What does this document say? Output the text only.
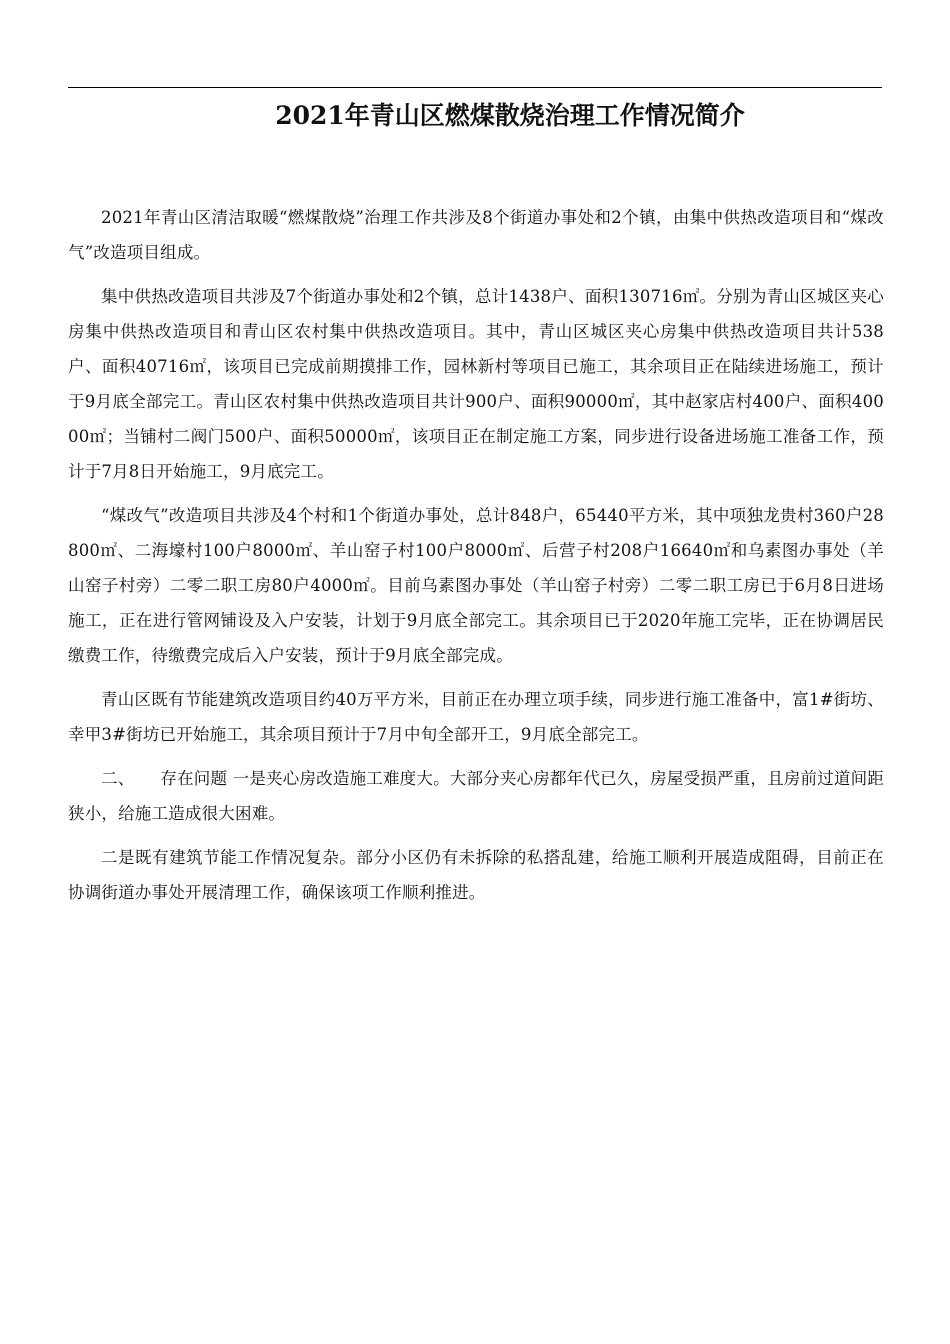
2021年青山区燃煤散烧治理工作情况简介

2021年青山区清洁取暖“燃煤散烧”治理工作共涉及8个街道办事处和2个镇，由集中供热改造项目和“煤改气”改造项目组成。

集中供热改造项目共涉及7个街道办事处和2个镇，总计1438户、面积130716㎡。分别为青山区城区夹心房集中供热改造项目和青山区农村集中供热改造项目。其中，青山区城区夹心房集中供热改造项目共计538户、面积40716㎡，该项目已完成前期摸排工作，园林新村等项目已施工，其余项目正在陆续进场施工，预计于9月底全部完工。青山区农村集中供热改造项目共计900户、面积90000㎡，其中赵家店村400户、面积40000㎡；当铺村二阀门500户、面积50000㎡，该项目正在制定施工方案，同步进行设备进场施工准备工作，预计于7月8日开始施工，9月底完工。

“煤改气”改造项目共涉及4个村和1个街道办事处，总计848户，65440平方米，其中项独龙贵村360户28800㎡、二海壕村100户8000㎡、羊山窑子村100户8000㎡、后营子村208户16640㎡和乌素图办事处（羊山窑子村旁）二零二职工房80户4000㎡。目前乌素图办事处（羊山窑子村旁）二零二职工房已于6月8日进场施工，正在进行管网铺设及入户安装，计划于9月底全部完工。其余项目已于2020年施工完毕，正在协调居民缴费工作，待缴费完成后入户安装，预计于9月底全部完成。

青山区既有节能建筑改造项目约40万平方米，目前正在办理立项手续，同步进行施工准备中，富1#街坊、幸甲3#街坊已开始施工，其余项目预计于7月中旬全部开工，9月底全部完工。

二、 存在问题 一是夹心房改造施工难度大。大部分夹心房都年代已久，房屋受损严重，且房前过道间距狭小，给施工造成很大困难。

二是既有建筑节能工作情况复杂。部分小区仍有未拆除的私搭乱建，给施工顺利开展造成阻碍，目前正在协调街道办事处开展清理工作，确保该项工作顺利推进。
